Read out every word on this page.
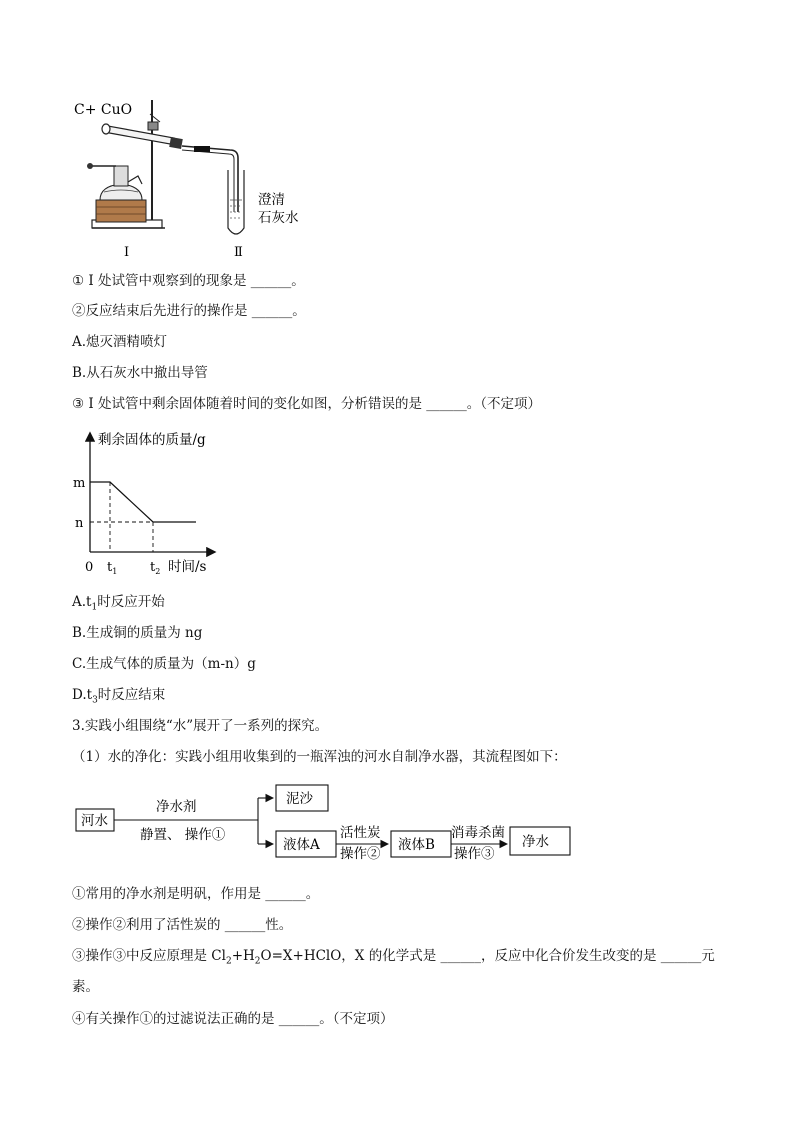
C+ CuO
澄清
石灰水
Ⅰ	Ⅱ
① I 处试管中观察到的现象是 ______。
②反应结束后先进行的操作是 ______。
A.熄灭酒精喷灯
B.从石灰水中撤出导管
③ I 处试管中剩余固体随着时间的变化如图，分析错误的是 ______。（不定项）
剩余固体的质量/g
m
n
0 $t_1$	$t_2$ 时间/s
$A.t_1$时反应开始
B.生成铜的质量为 ng
C.生成气体的质量为（m-n）g
$D.t_3$时反应结束
3.实践小组围绕“水”展开了一系列的探究。
（1）水的净化：实践小组用收集到的一瓶浑浊的河水自制净水器，其流程图如下：
河水
净水剂
静置、 操作①
泥沙
液体A
活性炭
操作②
液体B
消毒杀菌
操作③
净水
①常用的净水剂是明矾，作用是 ______。
②操作②利用了活性炭的 ______性。
③操作③中反应原理是 $Cl_2+H_2O=X+HClO$，X 的化学式是 ______，反应中化合价发生改变的是 ______元
素。
④有关操作①的过滤说法正确的是 ______。（不定项）
